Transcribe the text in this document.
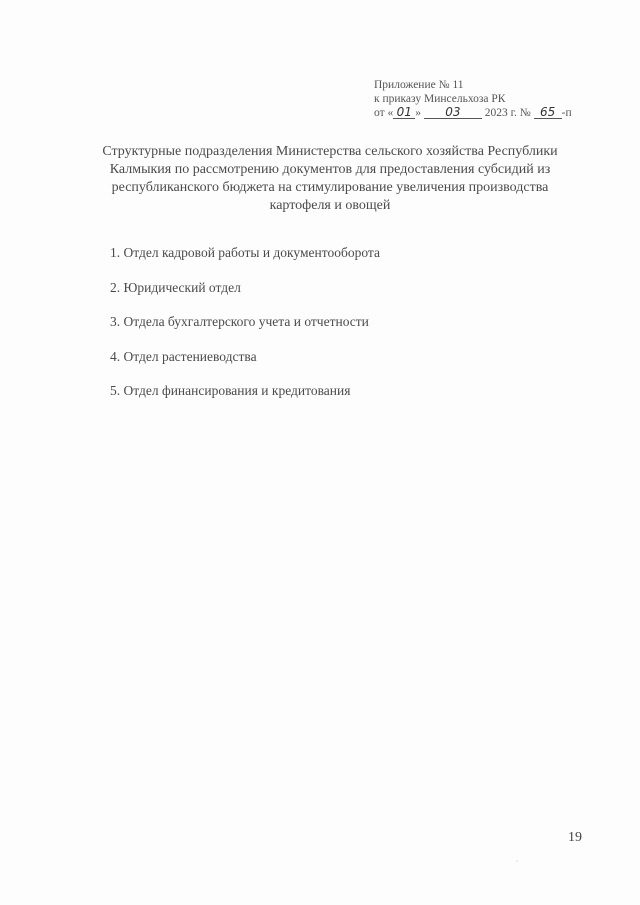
Приложение № 11
к приказу Минсельхоза РК
от « 01 » 03 2023 г. № 65 -п
Структурные подразделения Министерства сельского хозяйства Республики
Калмыкия по рассмотрению документов для предоставления субсидий из
республиканского бюджета на стимулирование увеличения производства
картофеля и овощей
1. Отдел кадровой работы и документооборота
2. Юридический отдел
3. Отдела бухгалтерского учета и отчетности
4. Отдел растениеводства
5. Отдел финансирования и кредитования
19
